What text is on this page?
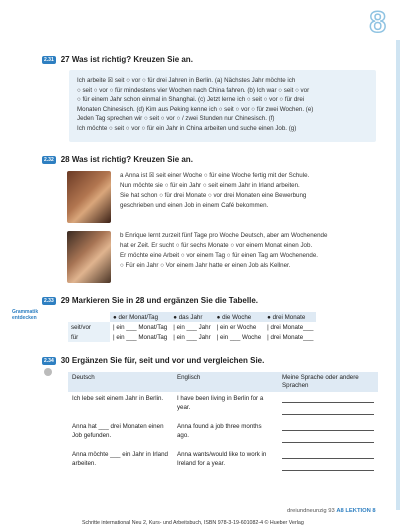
8
2.31 27 Was ist richtig? Kreuzen Sie an.
Ich arbeite ☒ seit ○ vor ○ für drei Jahren in Berlin. (a) Nächstes Jahr möchte ich
○ seit ○ vor ○ für mindestens vier Wochen nach China fahren. (b) Ich war ○ seit ○ vor
○ für einem Jahr schon einmal in Shanghai. (c) Jetzt lerne ich ○ seit ○ vor ○ für drei
Monaten Chinesisch. (d) Kim aus Peking kenne ich ○ seit ○ vor ○ für zwei Wochen. (e)
Jeden Tag sprechen wir ○ seit ○ vor ○ / zwei Stunden nur Chinesisch. (f)
Ich möchte ○ seit ○ vor ○ für ein Jahr in China arbeiten und suche einen Job. (g)
2.32 28 Was ist richtig? Kreuzen Sie an.
a Anna ist ☒ seit einer Woche ○ für eine Woche fertig mit der Schule.
Nun möchte sie ○ für ein Jahr ○ seit einem Jahr in Irland arbeiten.
Sie hat schon ○ für drei Monate ○ vor drei Monaten eine Bewerbung
geschrieben und einen Job in einem Café bekommen.
b Enrique lernt zurzeit fünf Tage pro Woche Deutsch, aber am Wochenende
hat er Zeit. Er sucht ○ für sechs Monate ○ vor einem Monat einen Job.
Er möchte eine Arbeit ○ vor einem Tag ○ für einen Tag am Wochenende.
○ Für ein Jahr ○ Vor einem Jahr hatte er einen Job als Kellner.
2.33 29 Markieren Sie in 28 und ergänzen Sie die Tabelle.
Grammatik entdecken
		● der Monat/Tag	● das Jahr	● die Woche	● drei Monate
seit/vor	| ein ___ Monat/Tag	| ein ___ Jahr	| ein er Woche	| drei Monate___
für	| ein ___ Monat/Tag	| ein ___ Jahr	| ein ___ Woche	| drei Monate___
2.34 30 Ergänzen Sie für, seit und vor und vergleichen Sie.
Deutsch	Englisch	Meine Sprache oder andere Sprachen
Ich lebe seit einem Jahr in Berlin.	I have been living in Berlin for a year.	
Anna hat ___ drei Monaten einen Job gefunden.	Anna found a job three months ago.	
Anna möchte ___ ein Jahr in Irland arbeiten.	Anna wants/would like to work in Ireland for a year.	
dreiundneunzig 93 A8 LEKTION 8
Schritte international Neu 2, Kurs- und Arbeitsbuch, ISBN 978-3-19-601082-4 © Hueber Verlag
